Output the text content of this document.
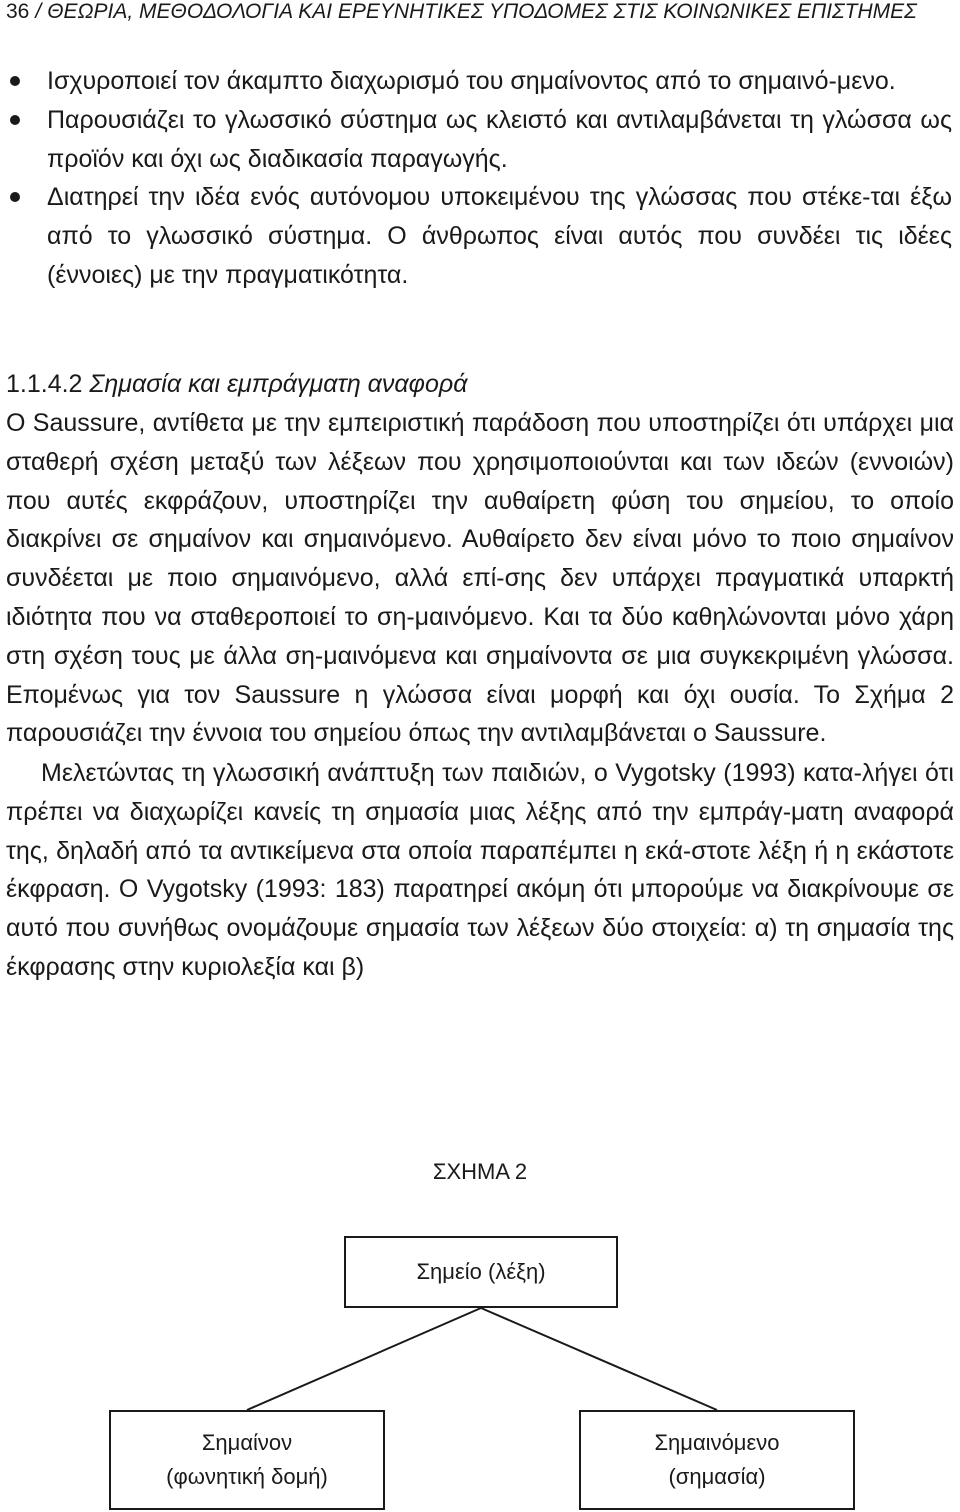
36 / ΘΕΩΡΙΑ, ΜΕΘΟΔΟΛΟΓΙΑ ΚΑΙ ΕΡΕΥΝΗΤΙΚΕΣ ΥΠΟΔΟΜΕΣ ΣΤΙΣ ΚΟΙΝΩΝΙΚΕΣ ΕΠΙΣΤΗΜΕΣ
Ισχυροποιεί τον άκαμπτο διαχωρισμό του σημαίνοντος από το σημαινό-μενο.
Παρουσιάζει το γλωσσικό σύστημα ως κλειστό και αντιλαμβάνεται τη γλώσσα ως προϊόν και όχι ως διαδικασία παραγωγής.
Διατηρεί την ιδέα ενός αυτόνομου υποκειμένου της γλώσσας που στέκε-ται έξω από το γλωσσικό σύστημα. Ο άνθρωπος είναι αυτός που συνδέει τις ιδέες (έννοιες) με την πραγματικότητα.
1.1.4.2 Σημασία και εμπράγματη αναφορά

Ο Saussure, αντίθετα με την εμπειριστική παράδοση που υποστηρίζει ότι υπάρχει μια σταθερή σχέση μεταξύ των λέξεων που χρησιμοποιούνται και των ιδεών (εννοιών) που αυτές εκφράζουν, υποστηρίζει την αυθαίρετη φύση του σημείου, το οποίο διακρίνει σε σημαίνον και σημαινόμενο. Αυθαίρετο δεν είναι μόνο το ποιο σημαίνον συνδέεται με ποιο σημαινόμενο, αλλά επί-σης δεν υπάρχει πραγματικά υπαρκτή ιδιότητα που να σταθεροποιεί το ση-μαινόμενο. Και τα δύο καθηλώνονται μόνο χάρη στη σχέση τους με άλλα ση-μαινόμενα και σημαίνοντα σε μια συγκεκριμένη γλώσσα. Επομένως για τον Saussure η γλώσσα είναι μορφή και όχι ουσία. Το Σχήμα 2 παρουσιάζει την έννοια του σημείου όπως την αντιλαμβάνεται ο Saussure.

Μελετώντας τη γλωσσική ανάπτυξη των παιδιών, ο Vygotsky (1993) κατα-λήγει ότι πρέπει να διαχωρίζει κανείς τη σημασία μιας λέξης από την εμπράγ-ματη αναφορά της, δηλαδή από τα αντικείμενα στα οποία παραπέμπει η εκά-στοτε λέξη ή η εκάστοτε έκφραση. Ο Vygotsky (1993: 183) παρατηρεί ακόμη ότι μπορούμε να διακρίνουμε σε αυτό που συνήθως ονομάζουμε σημασία των λέξεων δύο στοιχεία: α) τη σημασία της έκφρασης στην κυριολεξία και β)

ΣΧΗΜΑ 2
Σημείο (λέξη)
Σημαίνον
(φωνητική δομή)
Σημαινόμενο
(σημασία)
